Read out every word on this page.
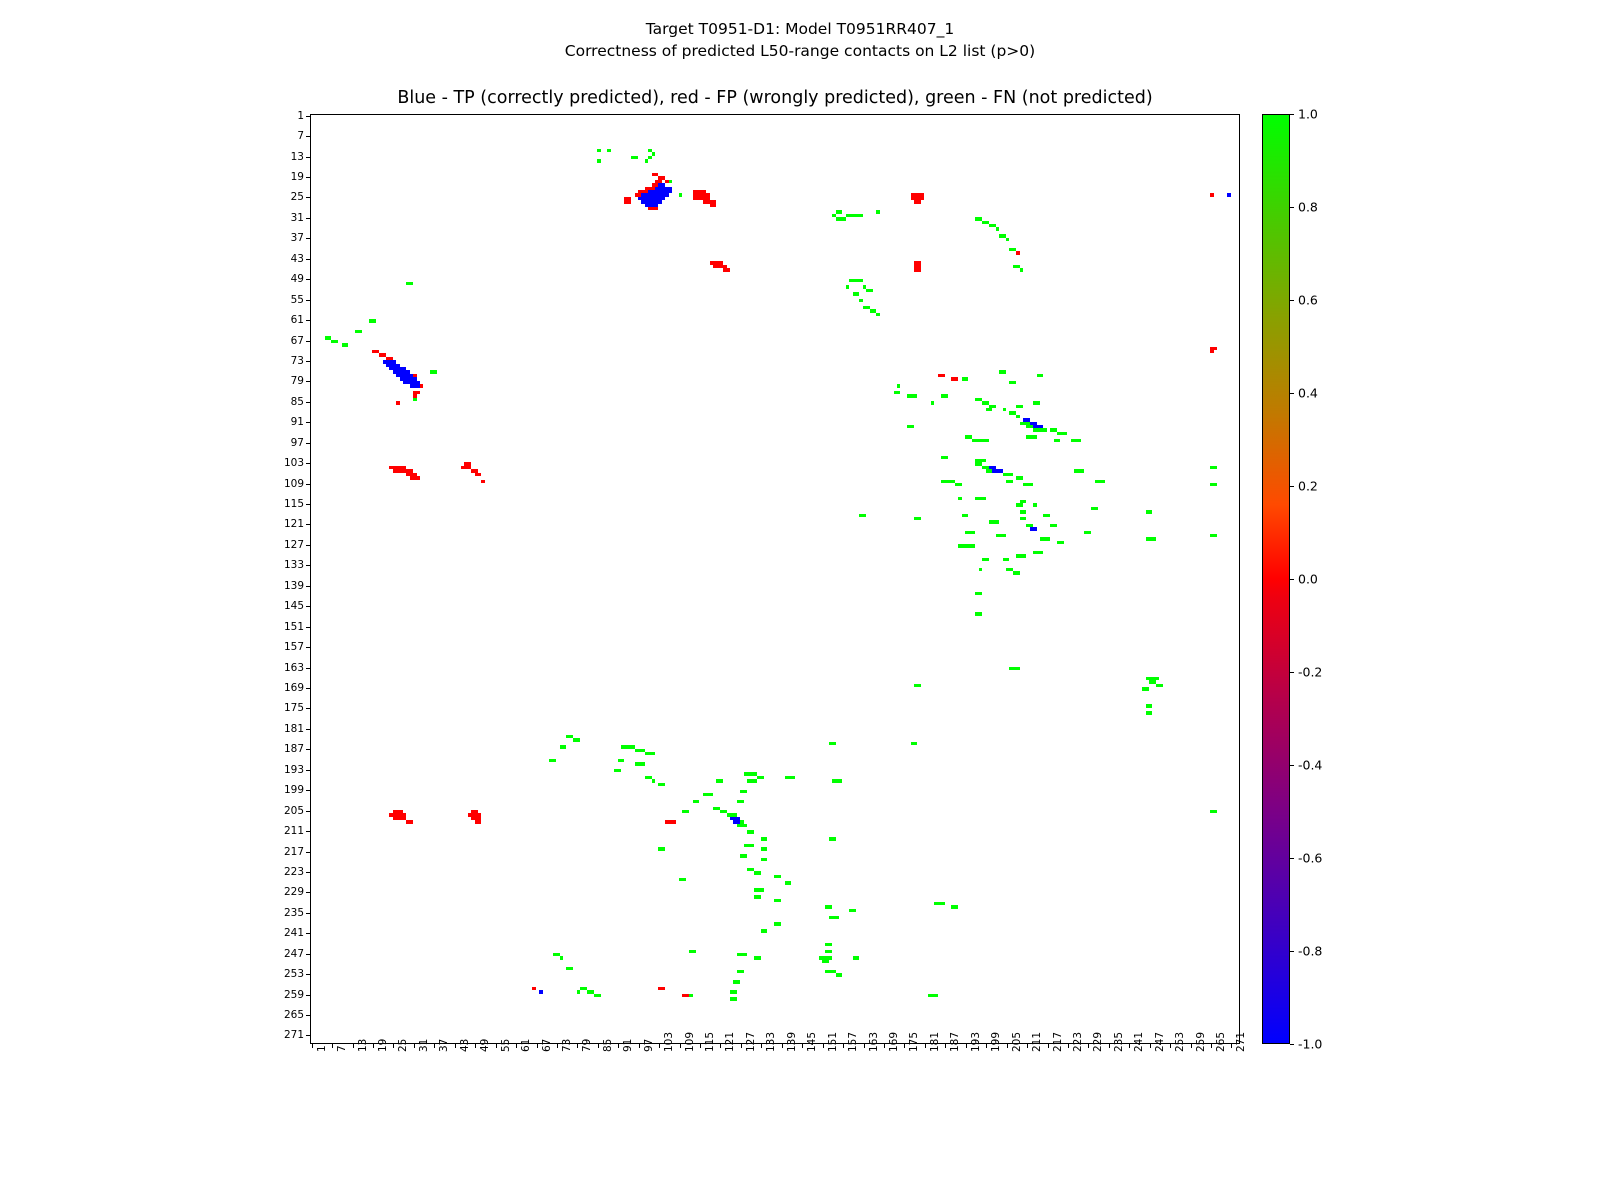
Target T0951-D1: Model T0951RR407_1
Correctness of predicted L50-range contacts on L2 list (p>0)
Blue - TP (correctly predicted), red - FP (wrongly predicted), green - FN (not predicted)
1
7
13
19
25
31
37
43
49
55
61
67
73
79
85
91
97
103
109
115
121
127
133
139
145
151
157
163
169
175
181
187
193
199
205
211
217
223
229
235
241
247
253
259
265
271
1 7 13 19 25 31 37 43 49 55 61 67 73 79 85 91 97 103 109 115 121 127 133 139 145 151 157 163 169 175 181 187 193 199 205 211 217 223 229 235 241 247 253 259 265 271
1.0
0.8
0.6
0.4
0.2
0.0
-0.2
-0.4
-0.6
-0.8
-1.0
